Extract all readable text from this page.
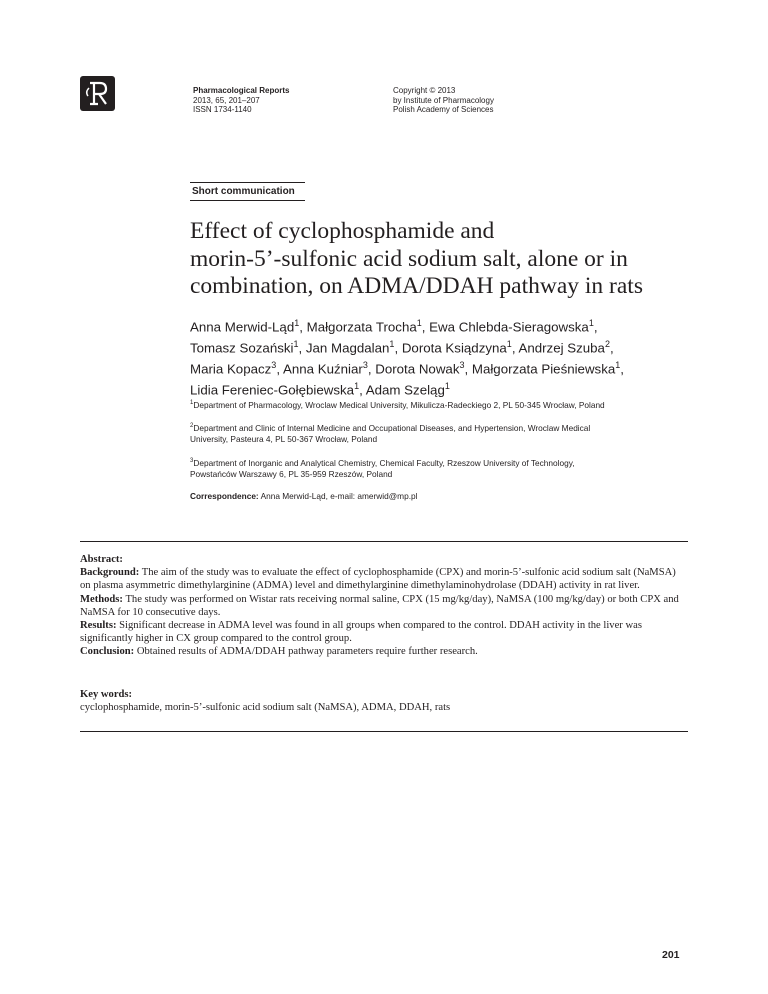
Pharmacological Reports
2013, 65, 201–207
ISSN 1734-1140
Copyright © 2013
by Institute of Pharmacology
Polish Academy of Sciences
Short communication
Effect of cyclophosphamide and
morin-5’-sulfonic acid sodium salt, alone or in
combination, on ADMA/DDAH pathway in rats
Anna Merwid-Ląd$^1$, Małgorzata Trocha$^1$, Ewa Chlebda-Sieragowska$^1$,
Tomasz Sozański$^1$, Jan Magdalan$^1$, Dorota Ksiądzyna$^1$, Andrzej Szuba$^2$,
Maria Kopacz$^3$, Anna Kuźniar$^3$, Dorota Nowak$^3$, Małgorzata Pieśniewska$^1$,
Lidia Fereniec-Gołębiewska$^1$, Adam Szeląg$^1$
$^1$Department of Pharmacology, Wroclaw Medical University, Mikulicza-Radeckiego 2, PL 50-345 Wrocław, Poland
$^2$Department and Clinic of Internal Medicine and Occupational Diseases, and Hypertension, Wroclaw Medical
University, Pasteura 4, PL 50-367 Wrocław, Poland
$^3$Department of Inorganic and Analytical Chemistry, Chemical Faculty, Rzeszow University of Technology,
Powstańców Warszawy 6, PL 35-959 Rzeszów, Poland
Correspondence: Anna Merwid-Ląd, e-mail: amerwid@mp.pl

Abstract:

Background: The aim of the study was to evaluate the effect of cyclophosphamide (CPX) and morin-5’-sulfonic acid sodium salt (NaMSA) on plasma asymmetric dimethylarginine (ADMA) level and dimethylarginine dimethylaminohydrolase (DDAH) activity in rat liver.

Methods: The study was performed on Wistar rats receiving normal saline, CPX (15 mg/kg/day), NaMSA (100 mg/kg/day) or both CPX and NaMSA for 10 consecutive days.

Results: Significant decrease in ADMA level was found in all groups when compared to the control. DDAH activity in the liver was significantly higher in CX group compared to the control group.

Conclusion: Obtained results of ADMA/DDAH pathway parameters require further research.

Key words:
cyclophosphamide, morin-5’-sulfonic acid sodium salt (NaMSA), ADMA, DDAH, rats
201
